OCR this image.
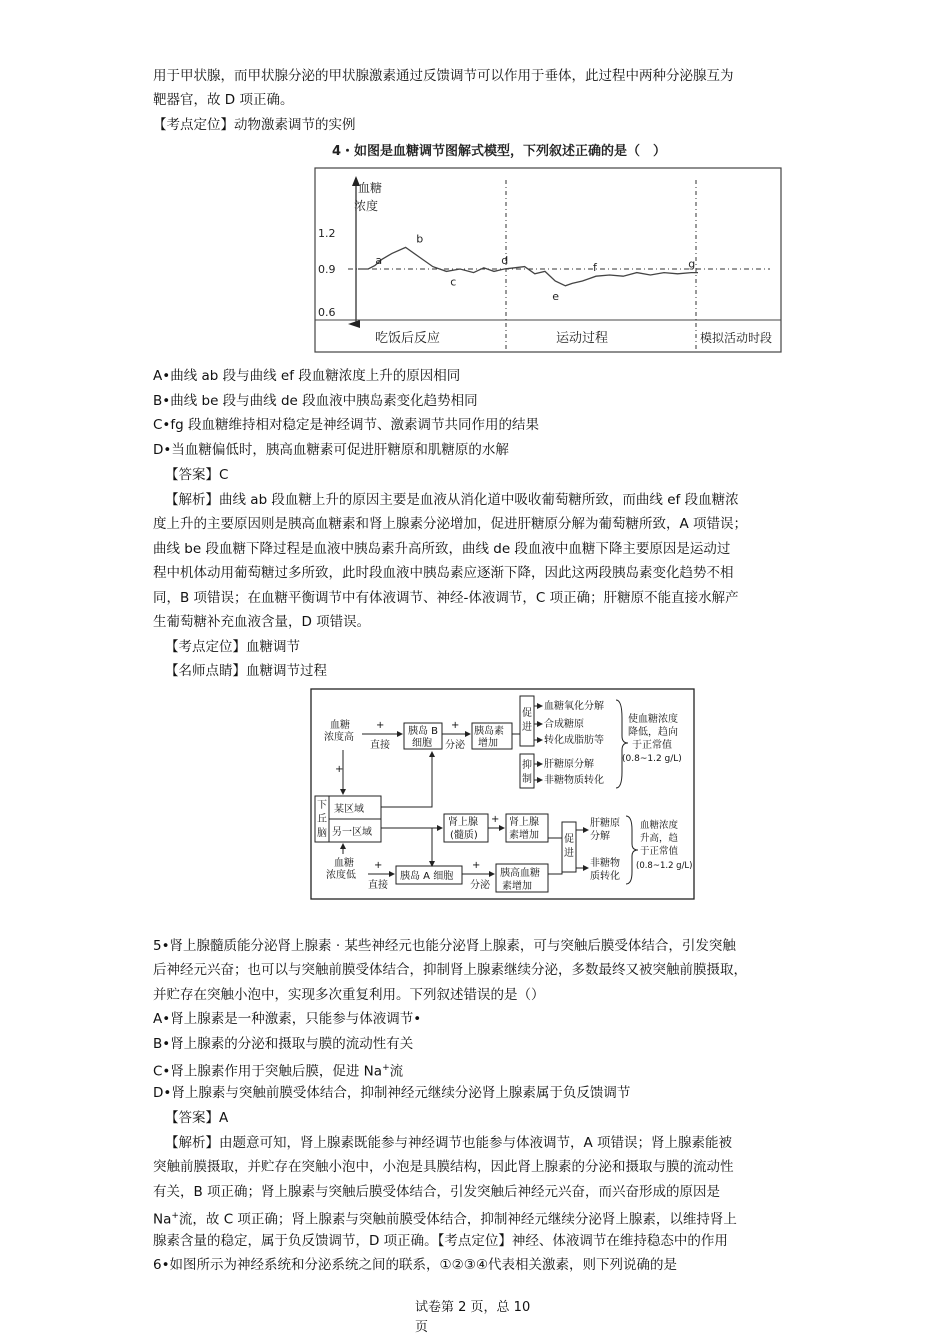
用于甲状腺，而甲状腺分泌的甲状腺激素通过反馈调节可以作用于垂体，此过程中两种分泌腺互为

靶器官，故 D 项正确。

【考点定位】动物激素调节的实例

4・如图是血糖调节图解式模型，下列叙述正确的是（　）
血糖
浓度
1.2
0.9
0.6
a
b
c
d
e
f	g
吃饭后反应	运动过程	模拟活动时段

A•曲线 ab 段与曲线 ef 段血糖浓度上升的原因相同

B•曲线 be 段与曲线 de 段血液中胰岛素变化趋势相同

C•fg 段血糖维持相对稳定是神经调节、激素调节共同作用的结果

D•当血糖偏低时，胰高血糖素可促进肝糖原和肌糖原的水解

【答案】C

【解析】曲线 ab 段血糖上升的原因主要是血液从消化道中吸收葡萄糖所致，而曲线 ef 段血糖浓

度上升的主要原因则是胰高血糖素和肾上腺素分泌增加，促进肝糖原分解为葡萄糖所致，A 项错误；

曲线 be 段血糖下降过程是血液中胰岛素升高所致，曲线 de 段血液中血糖下降主要原因是运动过

程中机体动用葡萄糖过多所致，此时段血液中胰岛素应逐渐下降，因此这两段胰岛素变化趋势不相

同，B 项错误；在血糖平衡调节中有体液调节、神经-体液调节，C 项正确；肝糖原不能直接水解产

生葡萄糖补充血液含量，D 项错误。

【考点定位】血糖调节

【名师点睛】血糖调节过程

血糖
浓度高
+
直接
胰岛 B
细胞
+
分泌
胰岛素
增加
促
进
抑
制
血糖氧化分解
合成糖原
转化成脂肪等
肝糖原分解
非糖物质转化
使血糖浓度
降低，趋向
于正常值
(0.8~1.2 g/L)
+
下
丘
脑
某区域
另一区域
肾上腺
(髓质)
+ 肾上腺
素增加
血糖
浓度低
+
直接
胰岛 A 细胞
+
分泌
胰高血糖
素增加
促
进
肝糖原
分解
非糖物
质转化
血糖浓度
升高，趋
于正常值
(0.8~1.2 g/L)

5•肾上腺髓质能分泌肾上腺素 · 某些神经元也能分泌肾上腺素，可与突触后膜受体结合，引发突触

后神经元兴奋；也可以与突触前膜受体结合，抑制肾上腺素继续分泌，多数最终又被突触前膜摄取，

并贮存在突触小泡中，实现多次重复利用。下列叙述错误的是（）

A•肾上腺素是一种激素，只能参与体液调节•

B•肾上腺素的分泌和摄取与膜的流动性有关

C•肾上腺素作用于突触后膜，促进 Na+流

D•肾上腺素与突触前膜受体结合，抑制神经元继续分泌肾上腺素属于负反馈调节

【答案】A

【解析】由题意可知，肾上腺素既能参与神经调节也能参与体液调节，A 项错误；肾上腺素能被

突触前膜摄取，并贮存在突触小泡中，小泡是具膜结构，因此肾上腺素的分泌和摄取与膜的流动性

有关，B 项正确；肾上腺素与突触后膜受体结合，引发突触后神经元兴奋，而兴奋形成的原因是

Na+流，故 C 项正确；肾上腺素与突触前膜受体结合，抑制神经元继续分泌肾上腺素，以维持肾上

腺素含量的稳定，属于负反馈调节，D 项正确。【考点定位】神经、体液调节在维持稳态中的作用

6•如图所示为神经系统和分泌系统之间的联系，①②③④代表相关激素，则下列说确的是

试卷第 2 页，总 10
页
